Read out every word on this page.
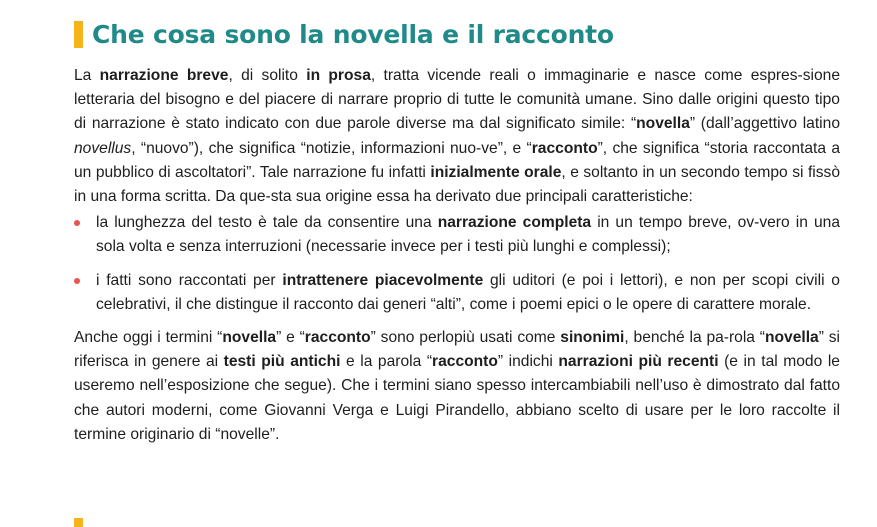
Che cosa sono la novella e il racconto

La narrazione breve, di solito in prosa, tratta vicende reali o immaginarie e nasce come espres-sione letteraria del bisogno e del piacere di narrare proprio di tutte le comunità umane. Sino dalle origini questo tipo di narrazione è stato indicato con due parole diverse ma dal significato simile: “novella” (dall’aggettivo latino novellus, “nuovo”), che significa “notizie, informazioni nuo-ve”, e “racconto”, che significa “storia raccontata a un pubblico di ascoltatori”. Tale narrazione fu infatti inizialmente orale, e soltanto in un secondo tempo si fissò in una forma scritta. Da que-sta sua origine essa ha derivato due principali caratteristiche:

la lunghezza del testo è tale da consentire una narrazione completa in un tempo breve, ov-vero in una sola volta e senza interruzioni (necessarie invece per i testi più lunghi e complessi);
i fatti sono raccontati per intrattenere piacevolmente gli uditori (e poi i lettori), e non per scopi civili o celebrativi, il che distingue il racconto dai generi “alti”, come i poemi epici o le opere di carattere morale.

Anche oggi i termini “novella” e “racconto” sono perlopiù usati come sinonimi, benché la pa-rola “novella” si riferisca in genere ai testi più antichi e la parola “racconto” indichi narrazioni più recenti (e in tal modo le useremo nell’esposizione che segue). Che i termini siano spesso intercambiabili nell’uso è dimostrato dal fatto che autori moderni, come Giovanni Verga e Luigi Pirandello, abbiano scelto di usare per le loro raccolte il termine originario di “novelle”.
